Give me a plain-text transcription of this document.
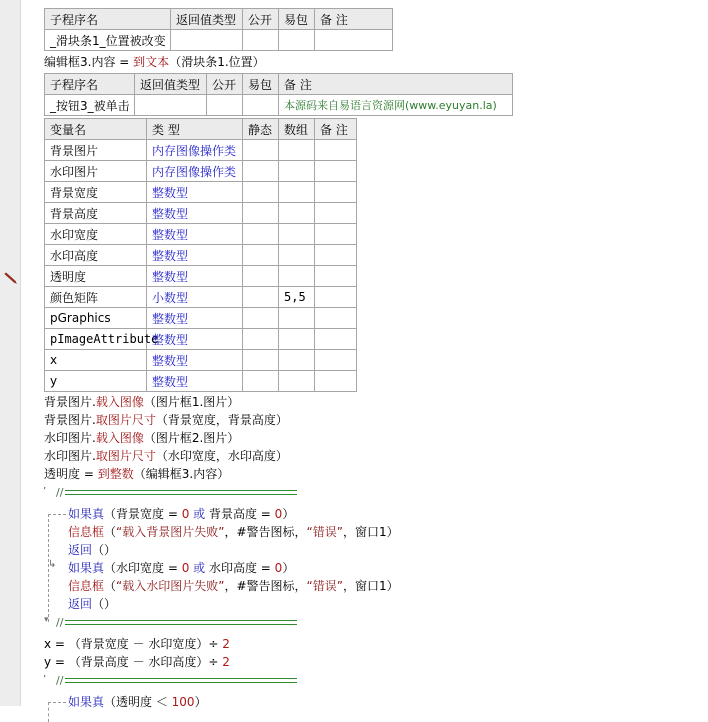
子程序名	返回值类型	公开	易包	备 注
_滑块条1_位置被改变				
编辑框3.内容 = 到文本（滑块条1.位置）
子程序名	返回值类型	公开	易包	备 注
_按钮3_被单击				本源码来自易语言资源网(www.eyuyan.la)
变量名	类 型	静态	数组	备 注
背景图片	内存图像操作类			
水印图片	内存图像操作类			
背景宽度	整数型			
背景高度	整数型			
水印宽度	整数型			
水印高度	整数型			
透明度	整数型			
颜色矩阵	小数型		5,5	
pGraphics	整数型			
pImageAttribute	整数型			
x	整数型			
y	整数型			
背景图片.载入图像（图片框1.图片）
背景图片.取图片尺寸（背景宽度，背景高度）
水印图片.载入图像（图片框2.图片）
水印图片.取图片尺寸（水印宽度，水印高度）
透明度 = 到整数（编辑框3.内容）
’ //
如果真（背景宽度 = 0 或 背景高度 = 0）
信息框（“载入背景图片失败”，#警告图标，“错误”，窗口1）
返回（）
↳ 如果真（水印宽度 = 0 或 水印高度 = 0）
信息框（“载入水印图片失败”，#警告图标，“错误”，窗口1）
返回（）
▾ //
x = （背景宽度 － 水印宽度）÷ 2
y = （背景高度 － 水印高度）÷ 2
’ //
如果真（透明度 ＜ 100）
